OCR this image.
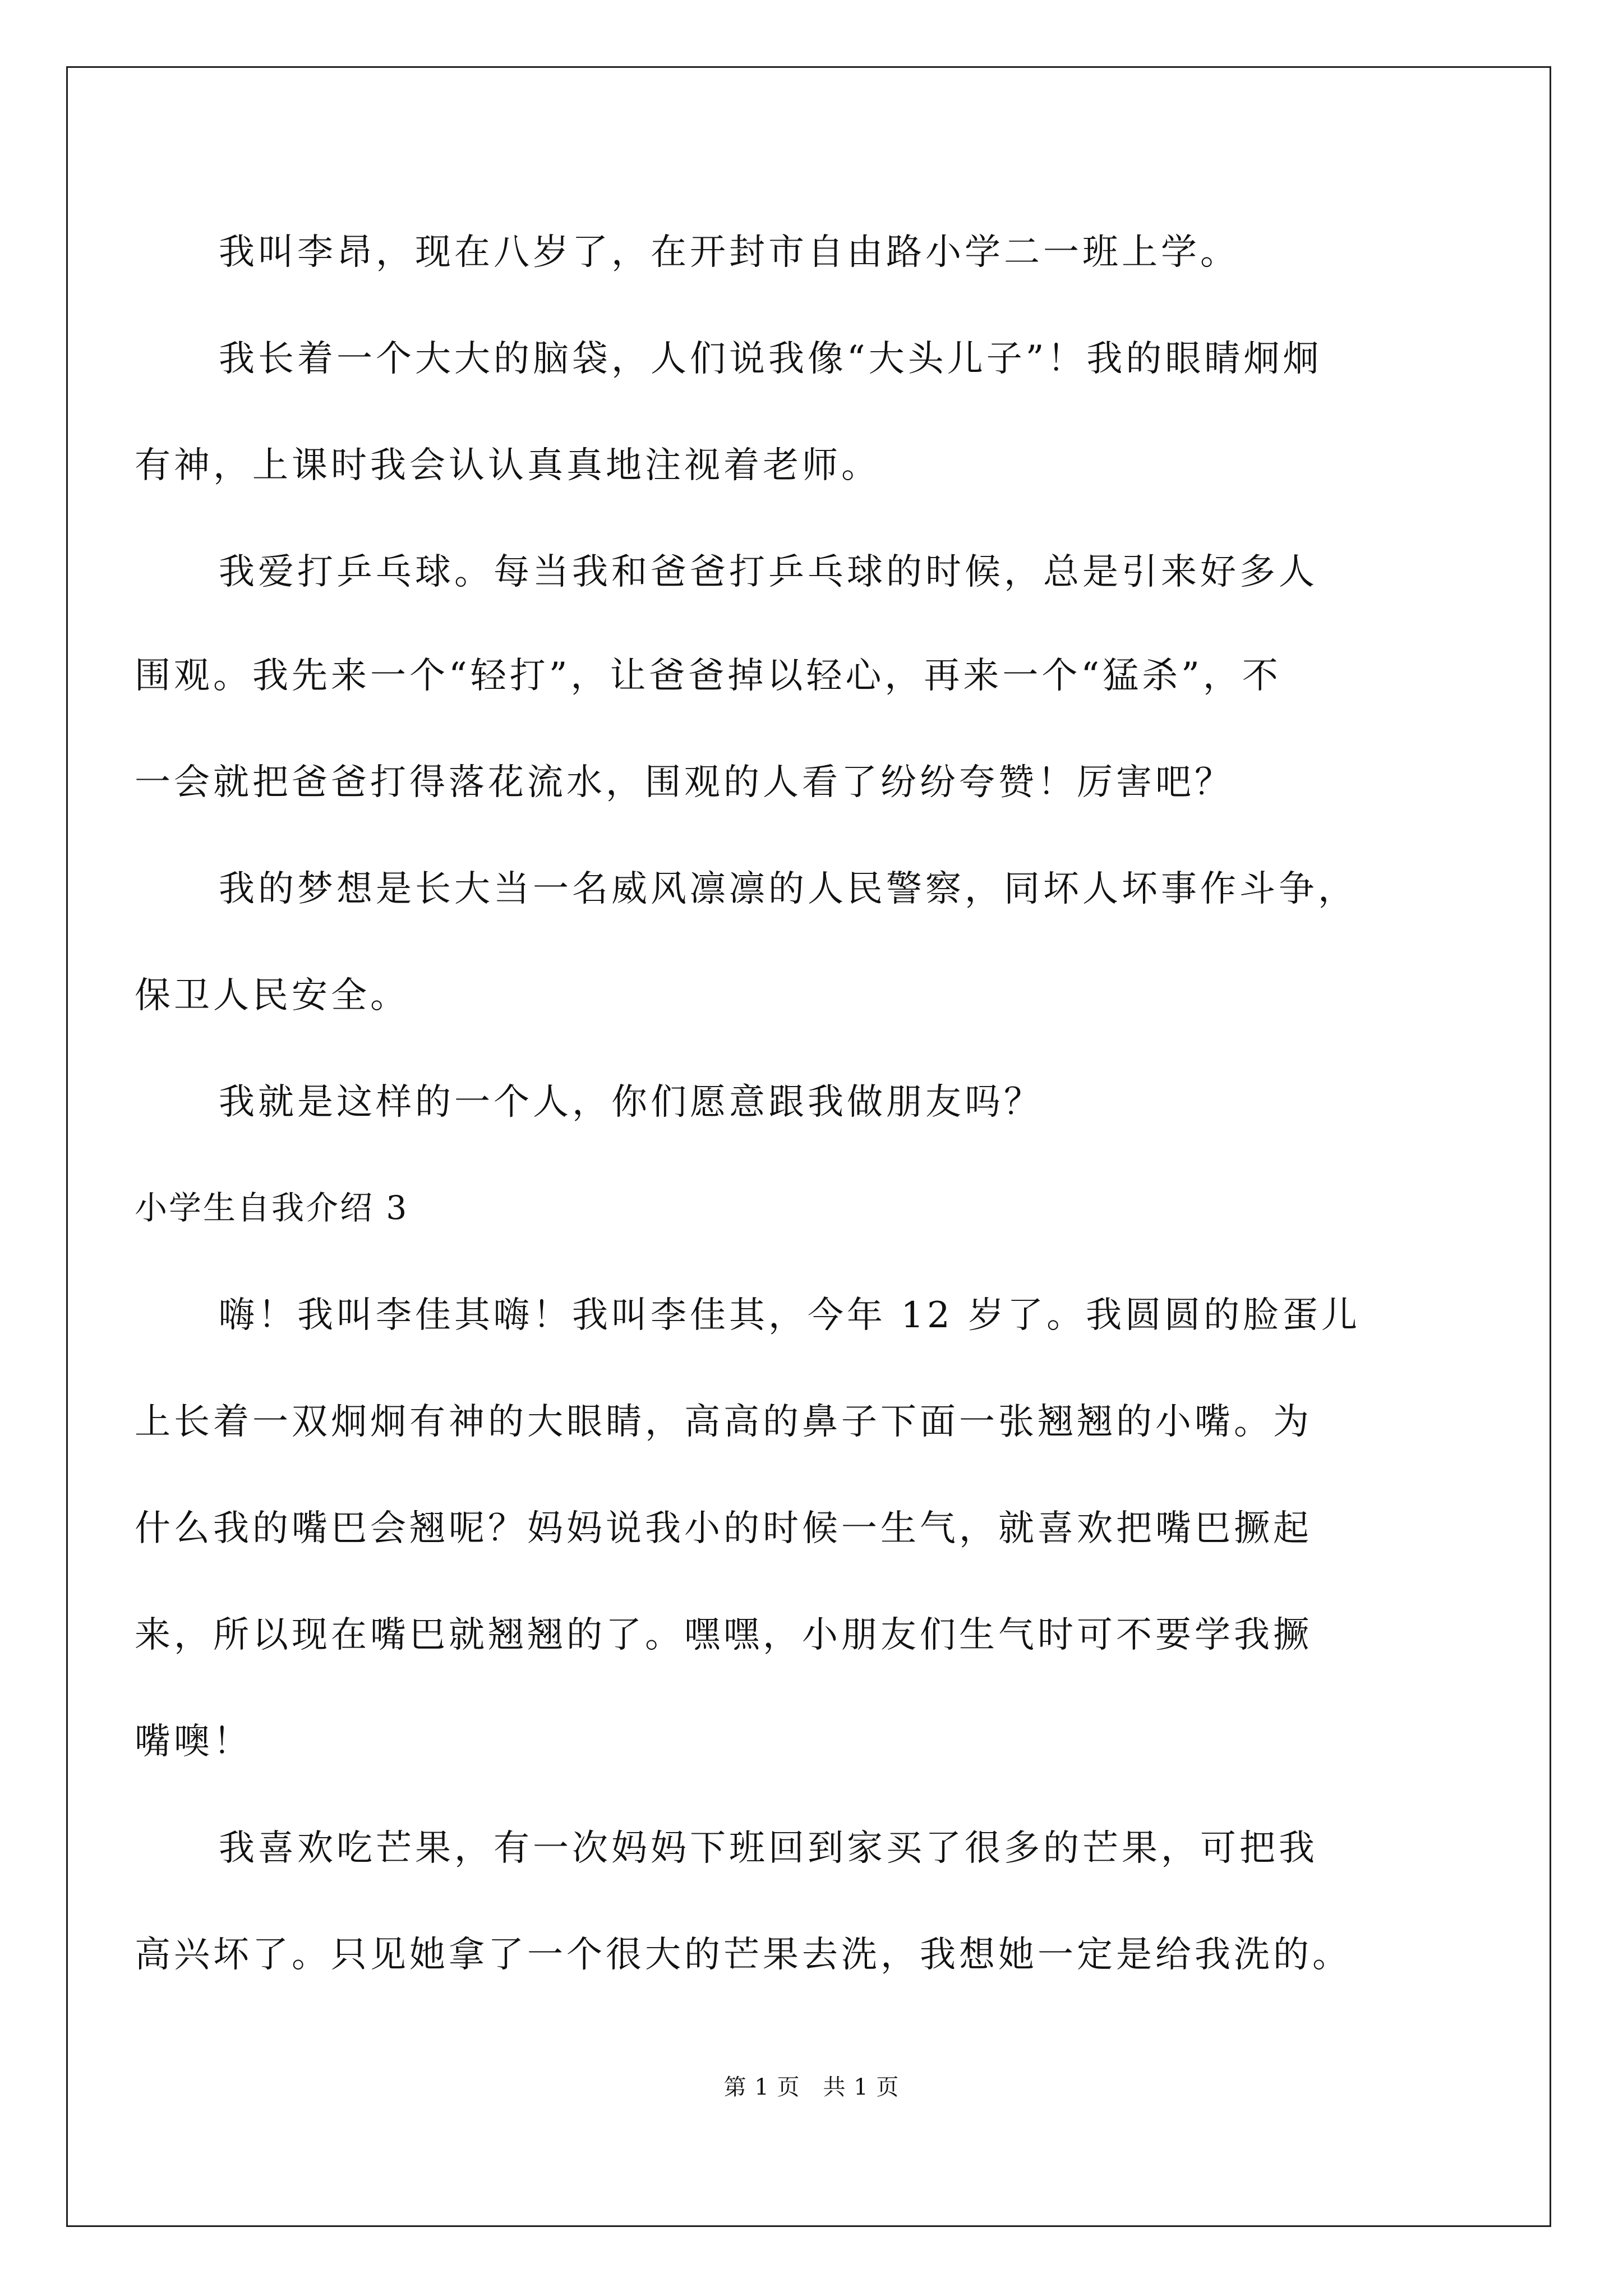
我叫李昂，现在八岁了，在开封市自由路小学二一班上学。
我长着一个大大的脑袋，人们说我像“大头儿子”！我的眼睛炯炯
有神，上课时我会认认真真地注视着老师。
我爱打乒乓球。每当我和爸爸打乒乓球的时候，总是引来好多人
围观。我先来一个“轻打”，让爸爸掉以轻心，再来一个“猛杀”，不
一会就把爸爸打得落花流水，围观的人看了纷纷夸赞！厉害吧？
我的梦想是长大当一名威风凛凛的人民警察，同坏人坏事作斗争，
保卫人民安全。
我就是这样的一个人，你们愿意跟我做朋友吗？
小学生自我介绍 3
嗨！我叫李佳其嗨！我叫李佳其，今年 12 岁了。我圆圆的脸蛋儿
上长着一双炯炯有神的大眼睛，高高的鼻子下面一张翘翘的小嘴。为
什么我的嘴巴会翘呢？妈妈说我小的时候一生气，就喜欢把嘴巴撅起
来，所以现在嘴巴就翘翘的了。嘿嘿，小朋友们生气时可不要学我撅
嘴噢！
我喜欢吃芒果，有一次妈妈下班回到家买了很多的芒果，可把我
高兴坏了。只见她拿了一个很大的芒果去洗，我想她一定是给我洗的。
第 1 页　共 1 页
